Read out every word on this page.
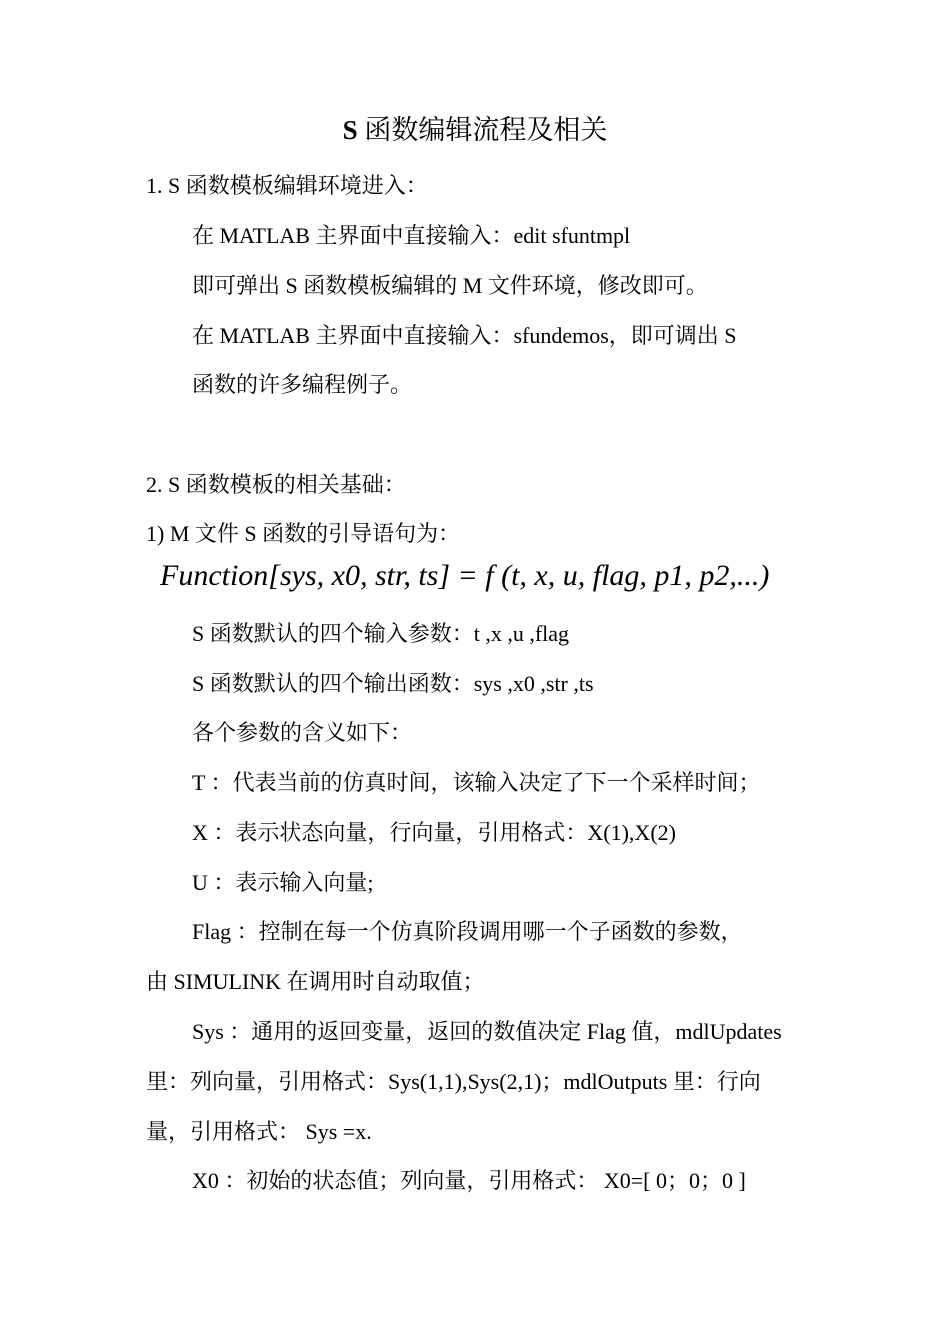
S 函数编辑流程及相关
1. S 函数模板编辑环境进入：
在 MATLAB 主界面中直接输入：edit sfuntmpl
即可弹出 S 函数模板编辑的 M 文件环境，修改即可。
在 MATLAB 主界面中直接输入：sfundemos，即可调出 S
函数的许多编程例子。
2. S 函数模板的相关基础：
1) M 文件 S 函数的引导语句为：
Function[sys, x0, str, ts] = f (t, x, u, flag, p1, p2,...)
S 函数默认的四个输入参数：t ,x ,u ,flag
S 函数默认的四个输出函数：sys ,x0 ,str ,ts
各个参数的含义如下：
T ：代表当前的仿真时间，该输入决定了下一个采样时间；
X ：表示状态向量，行向量，引用格式：X(1),X(2)
U ：表示输入向量;
Flag ：控制在每一个仿真阶段调用哪一个子函数的参数，
由 SIMULINK 在调用时自动取值；
Sys ：通用的返回变量，返回的数值决定 Flag 值，mdlUpdates
里：列向量，引用格式：Sys(1,1),Sys(2,1)；mdlOutputs 里：行向
量，引用格式： Sys =x.
X0 ：初始的状态值；列向量，引用格式： X0=[ 0；0；0 ]
